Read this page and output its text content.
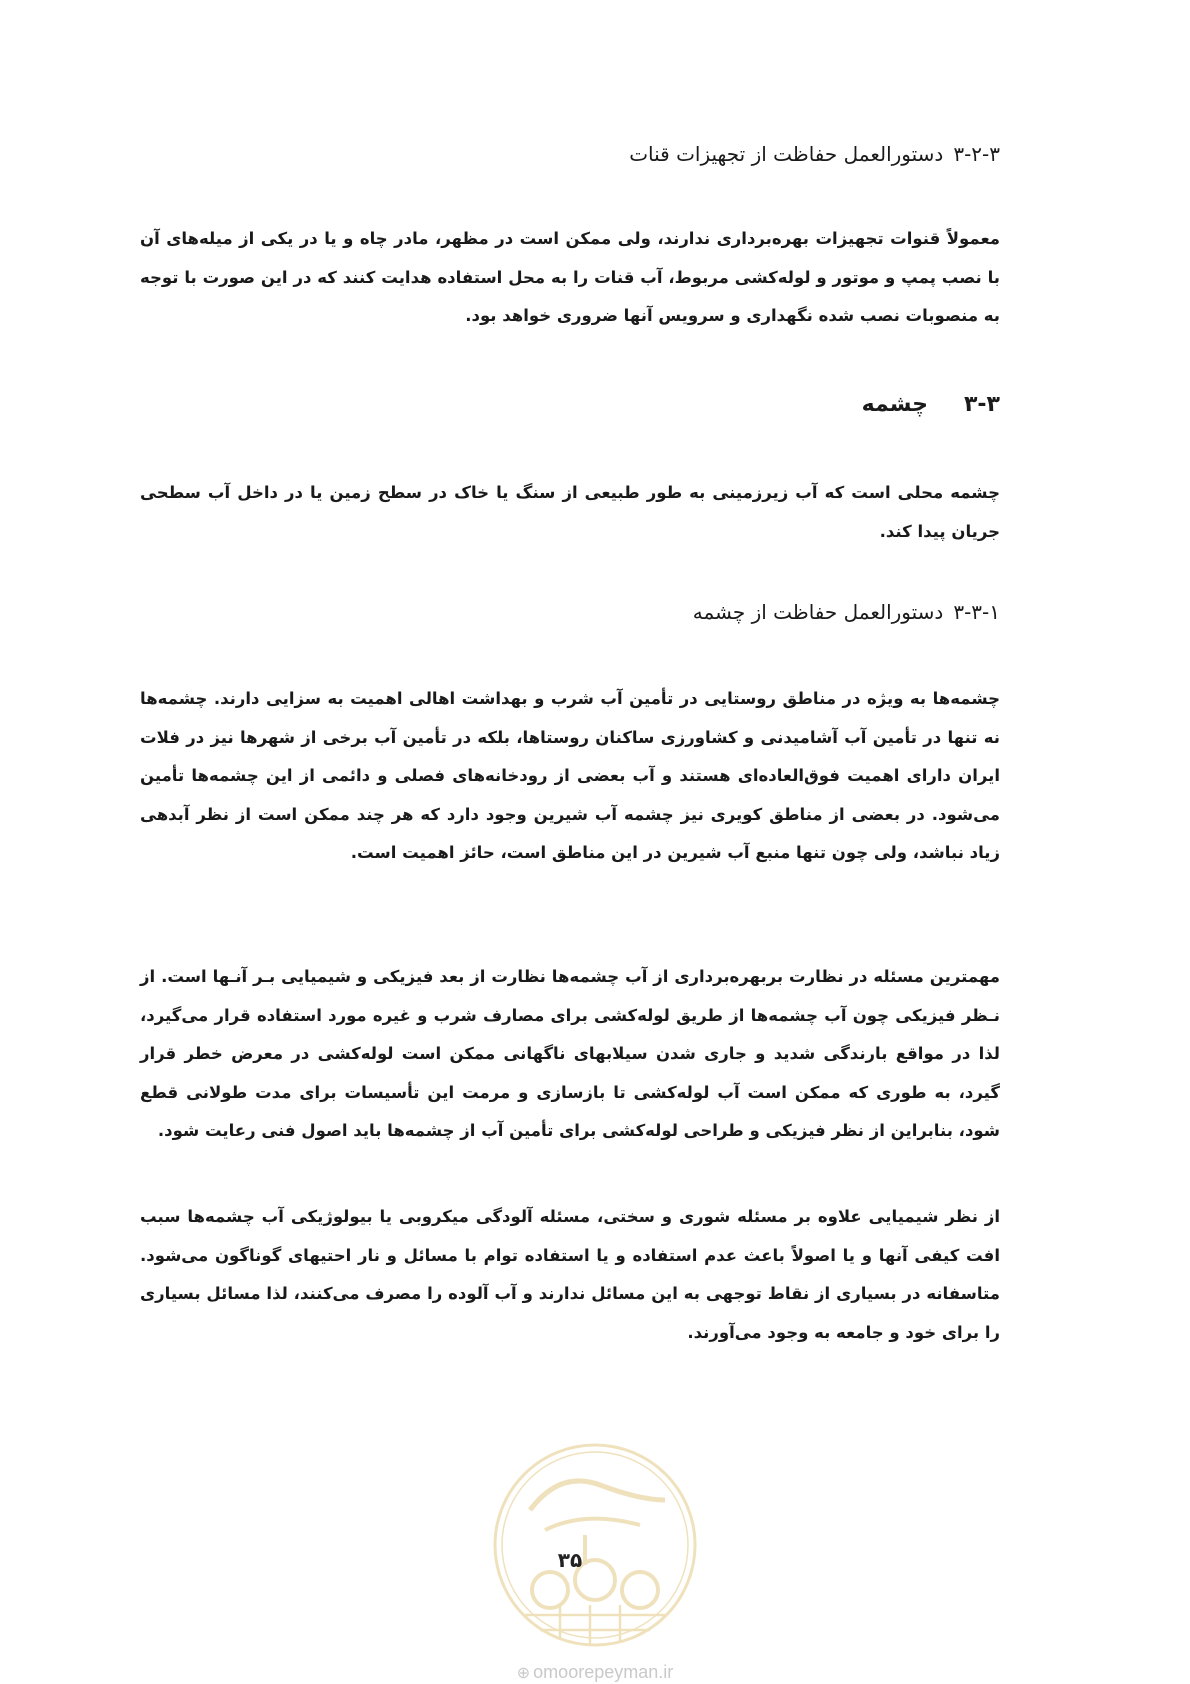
۳-۲-۳دستورالعمل حفاظت از تجهیزات قنات
معمولاً قنوات تجهیزات بهره‌برداری ندارند، ولی ممکن است در مظهر، مادر چاه و یا در یکی از میله‌های آن با نصب پمپ و موتور و لوله‌کشی مربوط، آب قنات را به محل استفاده هدایت کنند که در این صورت با توجه به منصوبات نصب شده نگهداری و سرویس آنها ضروری خواهد بود.
۳-۳چشمه
چشمه محلی است که آب زیرزمینی به طور طبیعی از سنگ یا خاک در سطح زمین یا در داخل آب سطحی جریان پیدا کند.
۳-۳-۱دستورالعمل حفاظت از چشمه
چشمه‌ها به ویژه در مناطق روستایی در تأمین آب شرب و بهداشت اهالی اهمیت به سزایی دارند. چشمه‌ها نه تنها در تأمین آب آشامیدنی و کشاورزی ساکنان روستاها، بلکه در تأمین آب برخی از شهرها نیز در فلات ایران دارای اهمیت فوق‌العاده‌ای هستند و آب بعضی از رودخانه‌های فصلی و دائمی از این چشمه‌ها تأمین می‌شود. در بعضی از مناطق کویری نیز چشمه آب شیرین وجود دارد که هر چند ممکن است از نظر آبدهی زیاد نباشد، ولی چون تنها منبع آب شیرین در این مناطق است، حائز اهمیت است.
مهمترین مسئله در نظارت بربهره‌برداری از آب چشمه‌ها نظارت از بعد فیزیکی و شیمیایی بـر آنـها است. از نـظر فیزیکی چون آب چشمه‌ها از طریق لوله‌کشی برای مصارف شرب و غیره مورد استفاده قرار می‌گیرد، لذا در مواقع بارندگی شدید و جاری شدن سیلابهای ناگهانی ممکن است لوله‌کشی در معرض خطر قرار گیرد، به طوری که ممکن است آب لوله‌کشی تا بازسازی و مرمت این تأسیسات برای مدت طولانی قطع شود، بنابراین از نظر فیزیکی و طراحی لوله‌کشی برای تأمین آب از چشمه‌ها باید اصول فنی رعایت شود.
از نظر شیمیایی علاوه بر مسئله شوری و سختی، مسئله آلودگی میکروبی یا بیولوژیکی آب چشمه‌ها سبب افت کیفی آنها و یا اصولاً باعث عدم استفاده و یا استفاده توام با مسائل و نار احتیهای گوناگون می‌شود. متاسفانه در بسیاری از نقاط توجهی به این مسائل ندارند و آب آلوده را مصرف می‌کنند، لذا مسائل بسیاری را برای خود و جامعه به وجود می‌آورند.
۳۵
⊕ omoorepeyman.ir
